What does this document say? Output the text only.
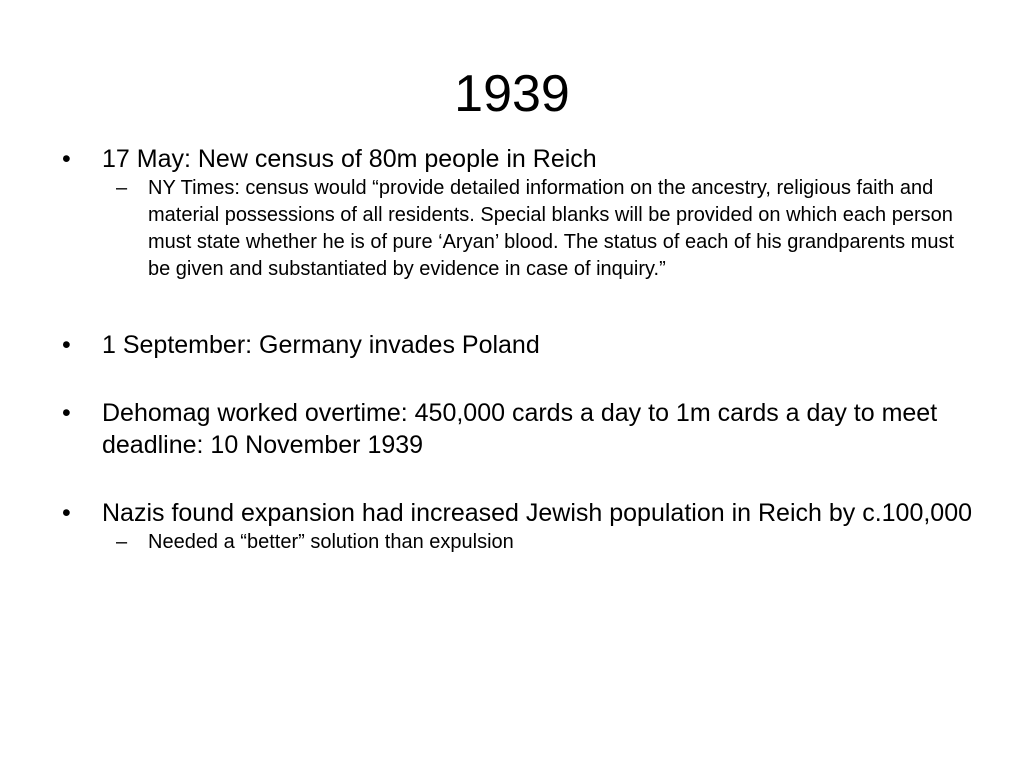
1939
•	17 May: New census of 80m people in Reich
– NY Times: census would “provide detailed information on the ancestry, religious faith and material possessions of all residents. Special blanks will be provided on which each person must state whether he is of pure ‘Aryan’ blood. The status of each of his grandparents must be given and substantiated by evidence in case of inquiry.”
•	1 September: Germany invades Poland
•	Dehomag worked overtime: 450,000 cards a day to 1m cards a day to meet deadline: 10 November 1939
•	Nazis found expansion had increased Jewish population in Reich by c.100,000
– Needed a “better” solution than expulsion
